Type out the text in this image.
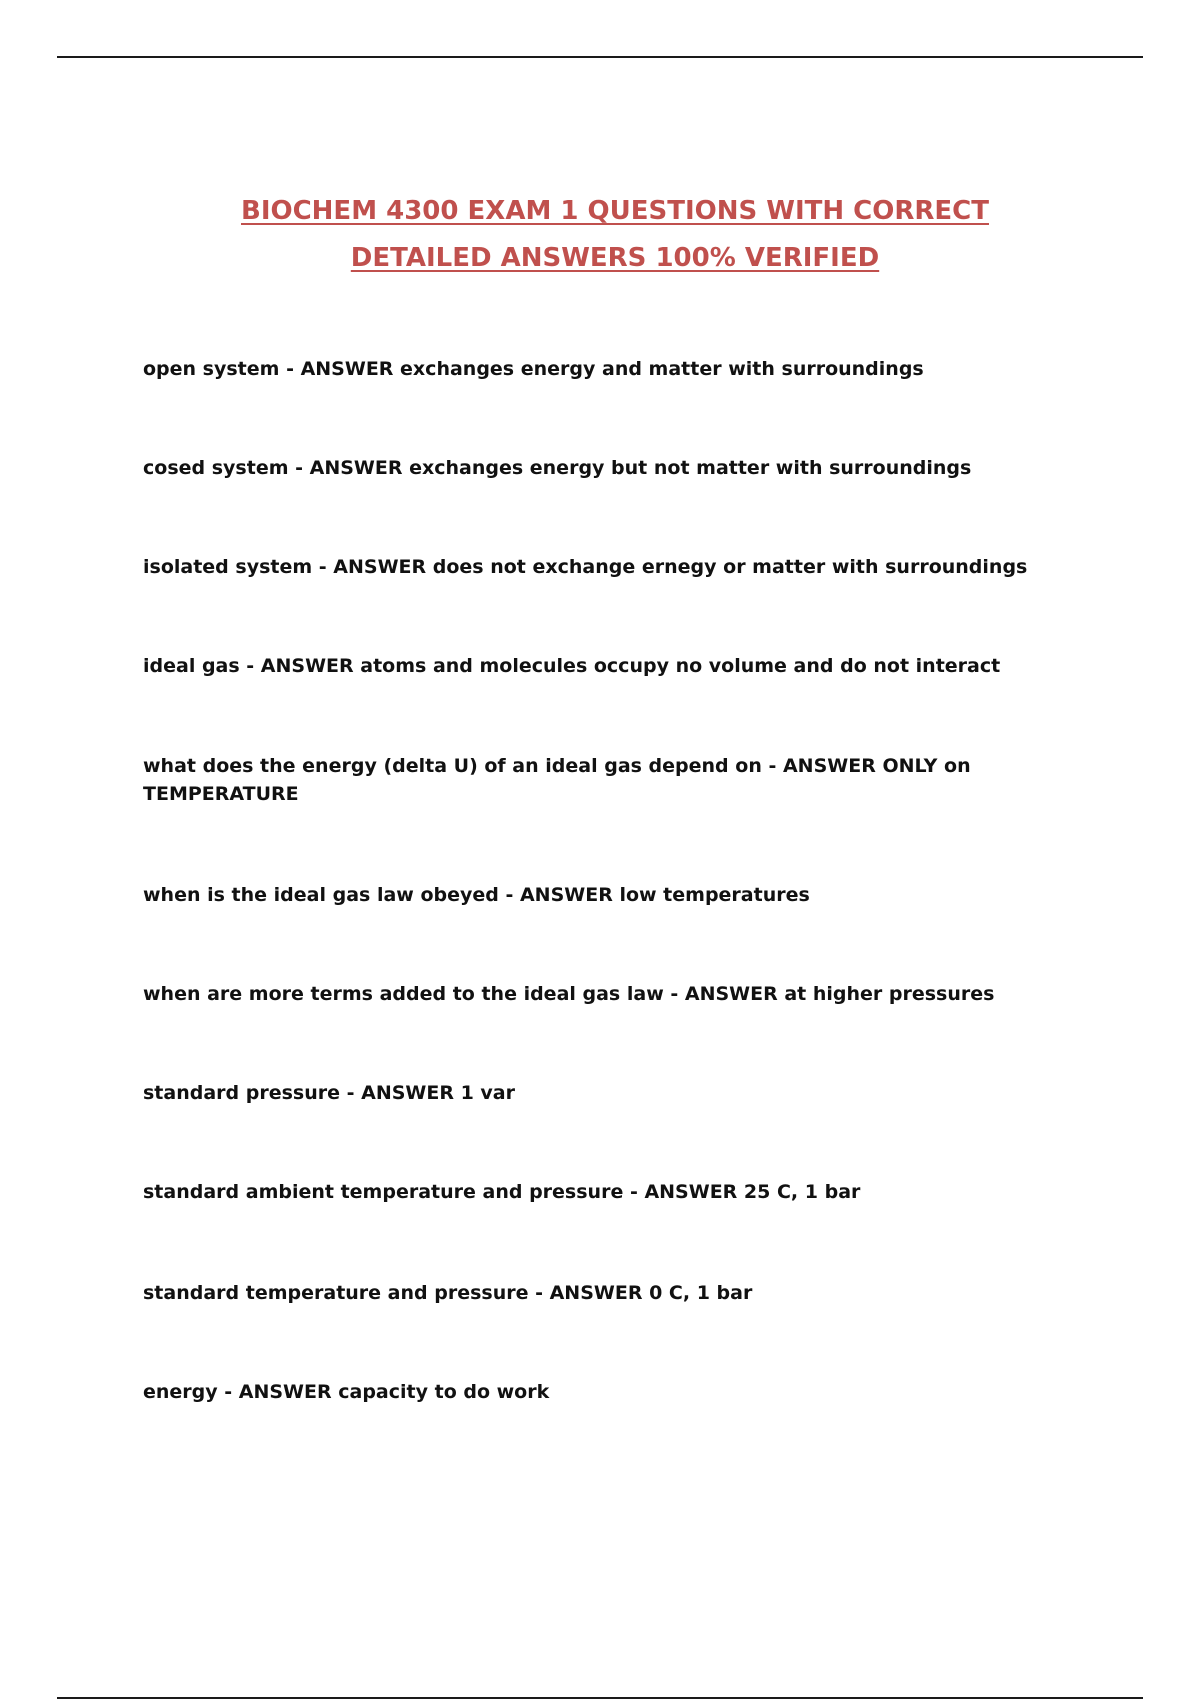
BIOCHEM 4300 EXAM 1 QUESTIONS WITH CORRECT
DETAILED ANSWERS 100% VERIFIED

open system - ANSWER exchanges energy and matter with surroundings

cosed system - ANSWER exchanges energy but not matter with surroundings

isolated system - ANSWER does not exchange ernegy or matter with surroundings

ideal gas - ANSWER atoms and molecules occupy no volume and do not interact

what does the energy (delta U) of an ideal gas depend on - ANSWER ONLY on TEMPERATURE

when is the ideal gas law obeyed - ANSWER low temperatures

when are more terms added to the ideal gas law - ANSWER at higher pressures

standard pressure - ANSWER 1 var

standard ambient temperature and pressure - ANSWER 25 C, 1 bar

standard temperature and pressure - ANSWER 0 C, 1 bar

energy - ANSWER capacity to do work
